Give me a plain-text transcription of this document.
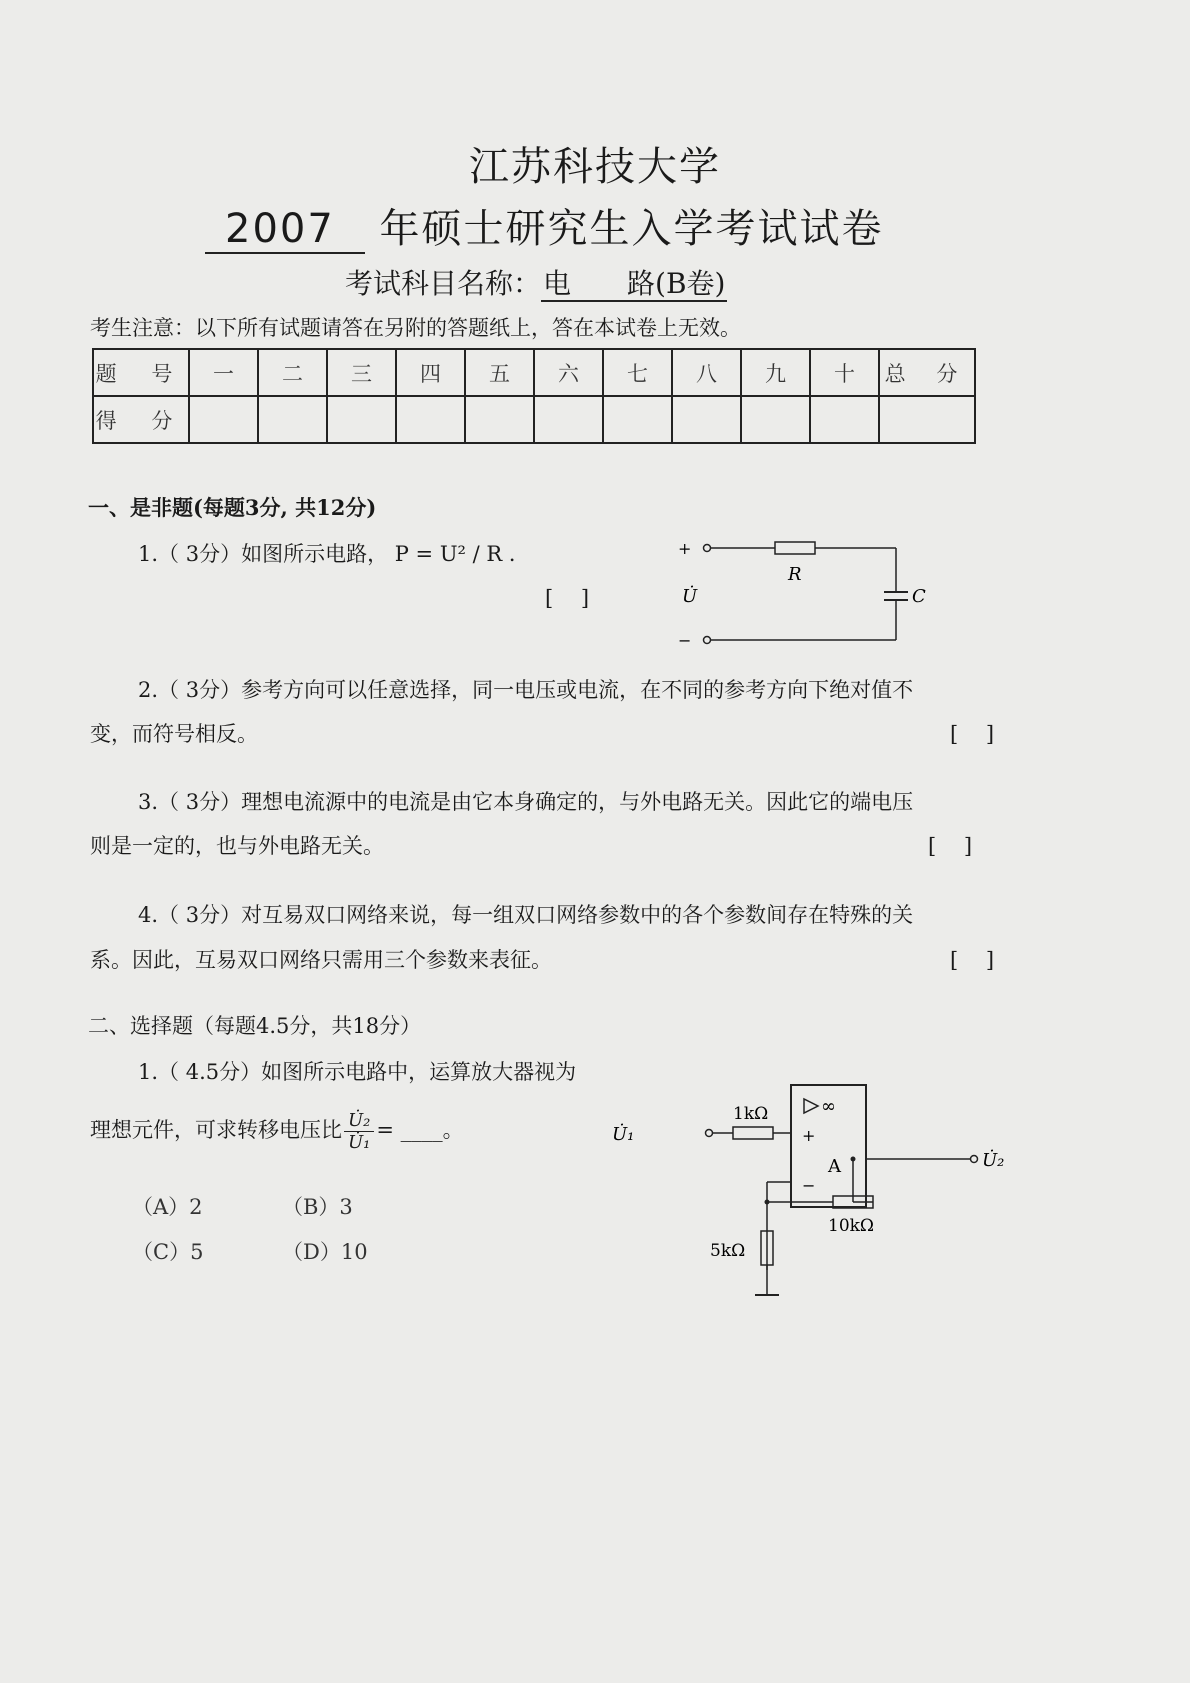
江苏科技大学
2007 年硕士研究生入学考试试卷
考试科目名称：电　　路(B卷)
考生注意：以下所有试题请答在另附的答题纸上，答在本试卷上无效。
题 号	一	二	三	四	五	六	七	八	九	十	总 分
得 分											
一、是非题(每题3分, 共12分)
1.（ 3分）如图所示电路， P = U² / R ．
[　 ]
+
−
U̇
R
C
2.（ 3分）参考方向可以任意选择，同一电压或电流，在不同的参考方向下绝对值不
变，而符号相反。	[　 ]
3.（ 3分）理想电流源中的电流是由它本身确定的，与外电路无关。因此它的端电压
则是一定的，也与外电路无关。	[　 ]
4.（ 3分）对互易双口网络来说，每一组双口网络参数中的各个参数间存在特殊的关
系。因此，互易双口网络只需用三个参数来表征。	[　 ]
二、选择题（每题4.5分，共18分）
1.（ 4.5分）如图所示电路中，运算放大器视为
理想元件，可求转移电压比 $\frac{\text{U̇₂}}{\text{U̇₁}}$ = ____。
（A）2	（B）3
（C）5	（D）10
U̇₁
U̇₂
1kΩ
10kΩ
5kΩ
A
∞
+
−
